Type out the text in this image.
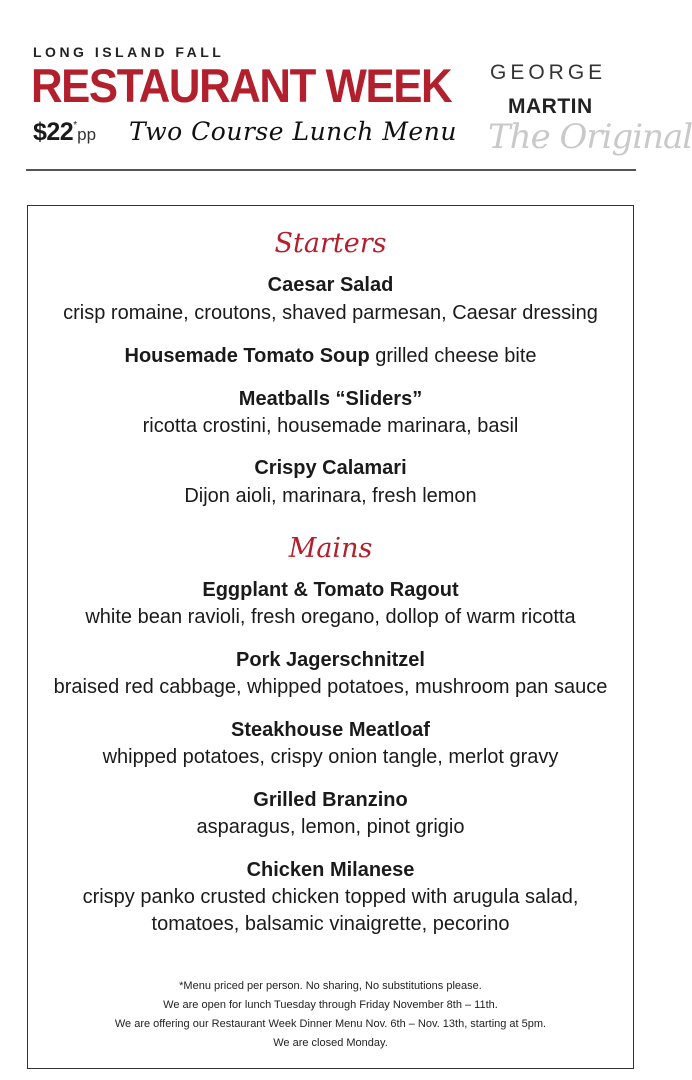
LONG ISLAND FALL
RESTAURANT WEEK
$22*pp Two Course Lunch Menu
GEORGE
MARTIN
The Original
Starters
Caesar Salad
crisp romaine, croutons, shaved parmesan, Caesar dressing
Housemade Tomato Soup grilled cheese bite
Meatballs “Sliders”
ricotta crostini, housemade marinara, basil
Crispy Calamari
Dijon aioli, marinara, fresh lemon
Mains
Eggplant & Tomato Ragout
white bean ravioli, fresh oregano, dollop of warm ricotta
Pork Jagerschnitzel
braised red cabbage, whipped potatoes, mushroom pan sauce
Steakhouse Meatloaf
whipped potatoes, crispy onion tangle, merlot gravy
Grilled Branzino
asparagus, lemon, pinot grigio
Chicken Milanese
crispy panko crusted chicken topped with arugula salad,
tomatoes, balsamic vinaigrette, pecorino
*Menu priced per person. No sharing, No substitutions please.
We are open for lunch Tuesday through Friday November 8th – 11th.
We are offering our Restaurant Week Dinner Menu Nov. 6th – Nov. 13th, starting at 5pm.
We are closed Monday.
